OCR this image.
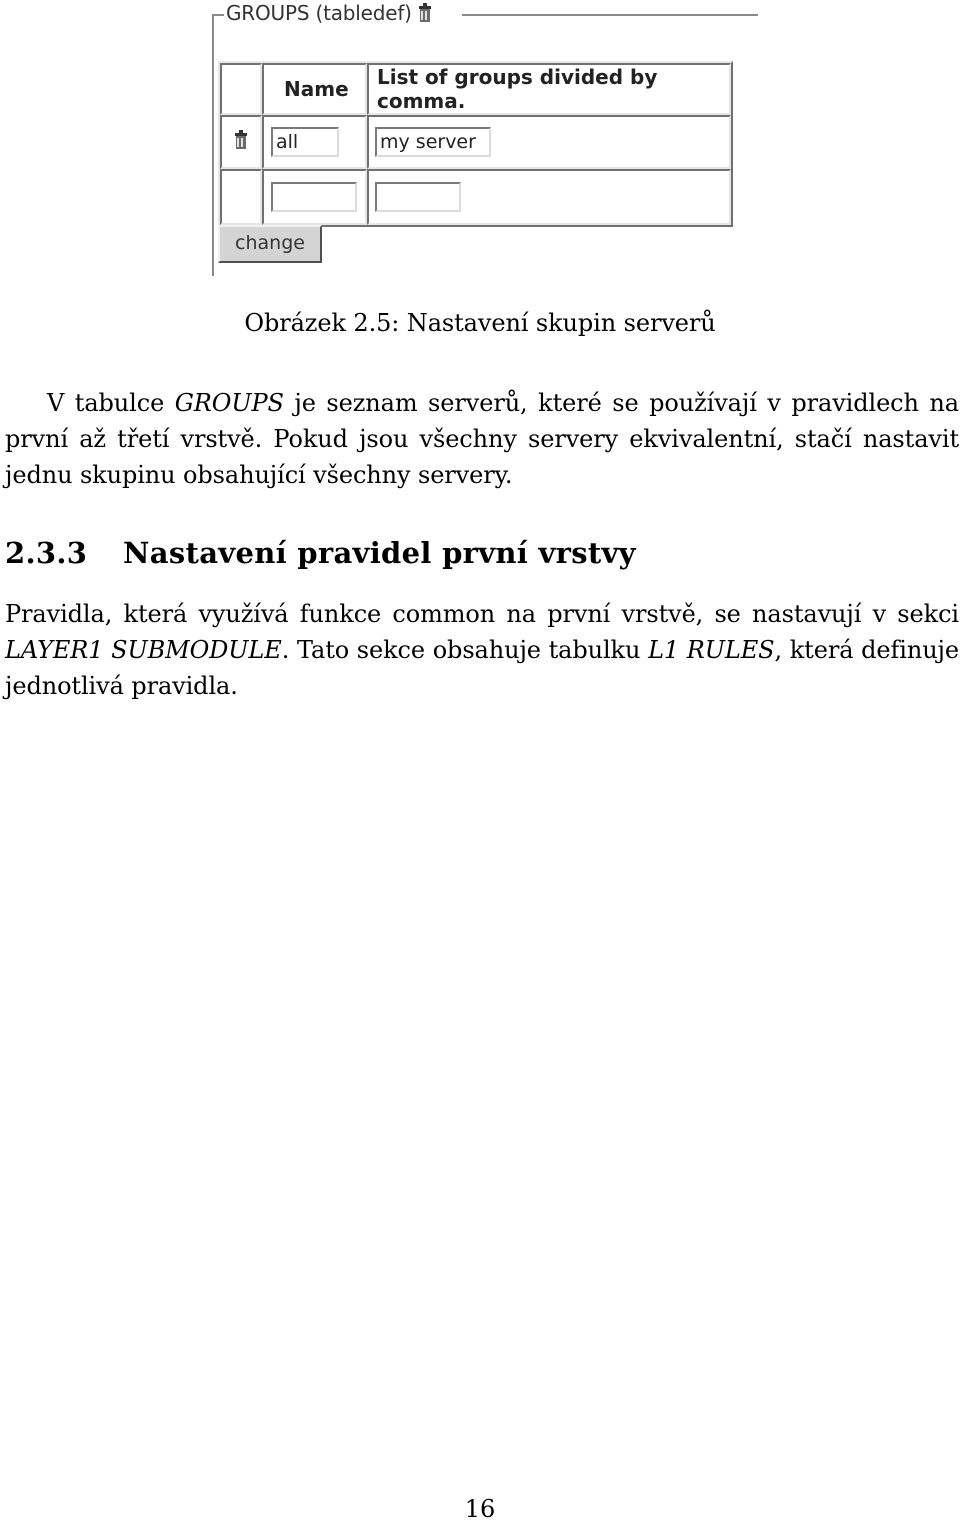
GROUPS (tabledef)
	Name	List of groups divided by comma.

	all	my server

change
Obrázek 2.5: Nastavení skupin serverů
V tabulce GROUPS je seznam serverů, které se používají v pravidlech na první až třetí vrstvě. Pokud jsou všechny servery ekvivalentní, stačí nastavit jednu skupinu obsahující všechny servery.
2.3.3 Nastavení pravidel první vrstvy
Pravidla, která využívá funkce common na první vrstvě, se nastavují v sekci LAYER1 SUBMODULE. Tato sekce obsahuje tabulku L1 RULES, která definuje jednotlivá pravidla.
16
